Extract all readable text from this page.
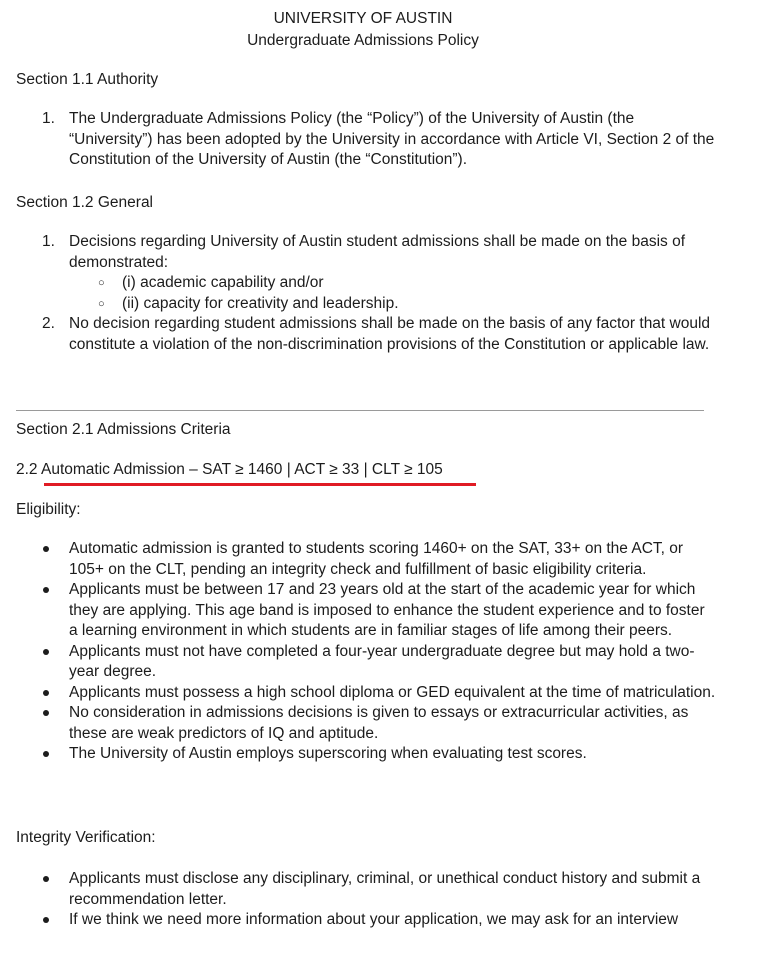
UNIVERSITY OF AUSTIN
Undergraduate Admissions Policy
Section 1.1 Authority
1. The Undergraduate Admissions Policy (the “Policy”) of the University of Austin (the “University”) has been adopted by the University in accordance with Article VI, Section 2 of the Constitution of the University of Austin (the “Constitution”).
Section 1.2 General
1. Decisions regarding University of Austin student admissions shall be made on the basis of demonstrated:
○ (i) academic capability and/or
○ (ii) capacity for creativity and leadership.
2. No decision regarding student admissions shall be made on the basis of any factor that would constitute a violation of the non-discrimination provisions of the Constitution or applicable law.
Section 2.1 Admissions Criteria
2.2 Automatic Admission – SAT ≥ 1460 | ACT ≥ 33 | CLT ≥ 105
Eligibility:
Automatic admission is granted to students scoring 1460+ on the SAT, 33+ on the ACT, or 105+ on the CLT, pending an integrity check and fulfillment of basic eligibility criteria.
Applicants must be between 17 and 23 years old at the start of the academic year for which they are applying. This age band is imposed to enhance the student experience and to foster a learning environment in which students are in familiar stages of life among their peers.
Applicants must not have completed a four-year undergraduate degree but may hold a two-year degree.
Applicants must possess a high school diploma or GED equivalent at the time of matriculation.
No consideration in admissions decisions is given to essays or extracurricular activities, as these are weak predictors of IQ and aptitude.
The University of Austin employs superscoring when evaluating test scores.
Integrity Verification:
Applicants must disclose any disciplinary, criminal, or unethical conduct history and submit a recommendation letter.
If we think we need more information about your application, we may ask for an interview
